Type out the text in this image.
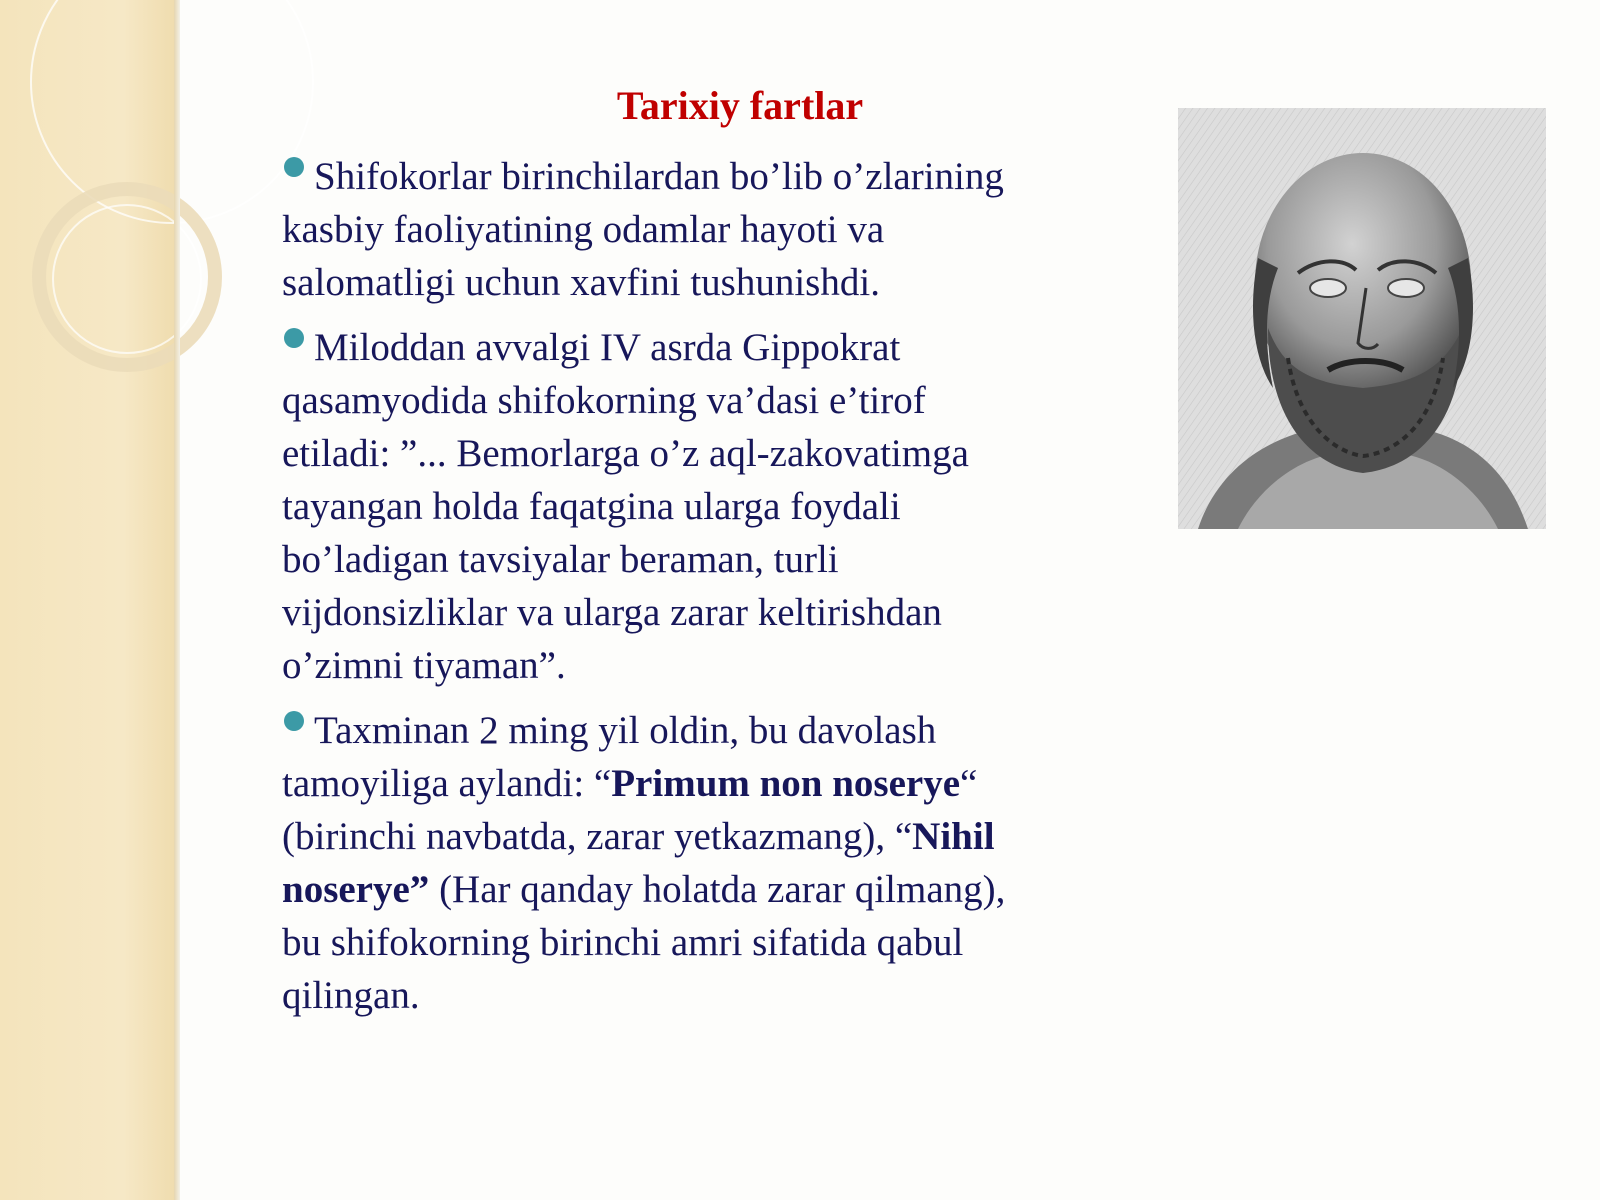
Tarixiy fartlar

Shifokorlar birinchilardan bo’lib o’zlarining
kasbiy faoliyatining odamlar hayoti va
salomatligi uchun xavfini tushunishdi.

Miloddan avvalgi IV asrda Gippokrat
qasamyodida shifokorning va’dasi e’tirof
etiladi: ”... Bemorlarga o’z aql-zakovatimga
tayangan holda faqatgina ularga foydali
bo’ladigan tavsiyalar beraman, turli
vijdonsizliklar va ularga zarar keltirishdan
o’zimni tiyaman”.

Taxminan 2 ming yil oldin, bu davolash
tamoyiliga aylandi: “Primum non noserye“
(birinchi navbatda, zarar yetkazmang), “Nihil
noserye” (Har qanday holatda zarar qilmang),
bu shifokorning birinchi amri sifatida qabul
qilingan.
